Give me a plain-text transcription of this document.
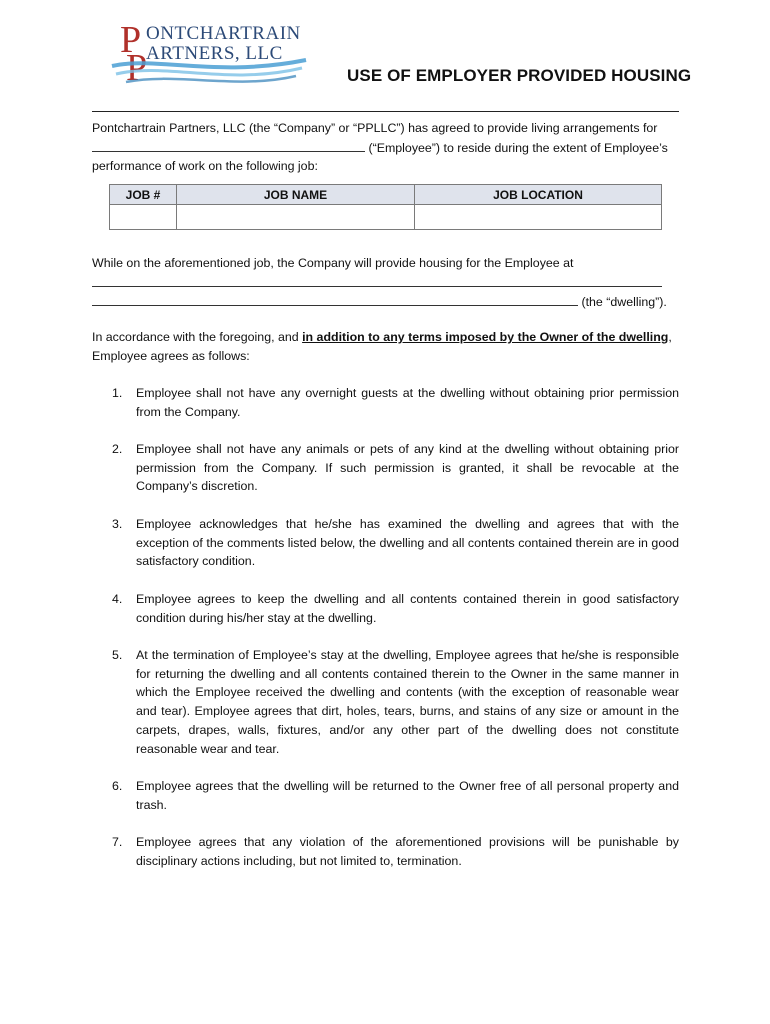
P
P
ONTCHARTRAIN
ARTNERS, LLC
USE OF EMPLOYER PROVIDED HOUSING
Pontchartrain Partners, LLC (the “Company” or “PPLLC”) has agreed to provide living arrangements for
(“Employee”) to reside during the extent of Employee’s
performance of work on the following job:
JOB #	JOB NAME	JOB LOCATION

While on the aforementioned job, the Company will provide housing for the Employee at
(the “dwelling”).
In accordance with the foregoing, and in addition to any terms imposed by the Owner of the dwelling,
Employee agrees as follows:
1. Employee shall not have any overnight guests at the dwelling without obtaining prior permission from the Company.
2. Employee shall not have any animals or pets of any kind at the dwelling without obtaining prior permission from the Company. If such permission is granted, it shall be revocable at the Company’s discretion.
3. Employee acknowledges that he/she has examined the dwelling and agrees that with the exception of the comments listed below, the dwelling and all contents contained therein are in good satisfactory condition.
4. Employee agrees to keep the dwelling and all contents contained therein in good satisfactory condition during his/her stay at the dwelling.
5. At the termination of Employee’s stay at the dwelling, Employee agrees that he/she is responsible for returning the dwelling and all contents contained therein to the Owner in the same manner in which the Employee received the dwelling and contents (with the exception of reasonable wear and tear). Employee agrees that dirt, holes, tears, burns, and stains of any size or amount in the carpets, drapes, walls, fixtures, and/or any other part of the dwelling does not constitute reasonable wear and tear.
6. Employee agrees that the dwelling will be returned to the Owner free of all personal property and trash.
7. Employee agrees that any violation of the aforementioned provisions will be punishable by disciplinary actions including, but not limited to, termination.
